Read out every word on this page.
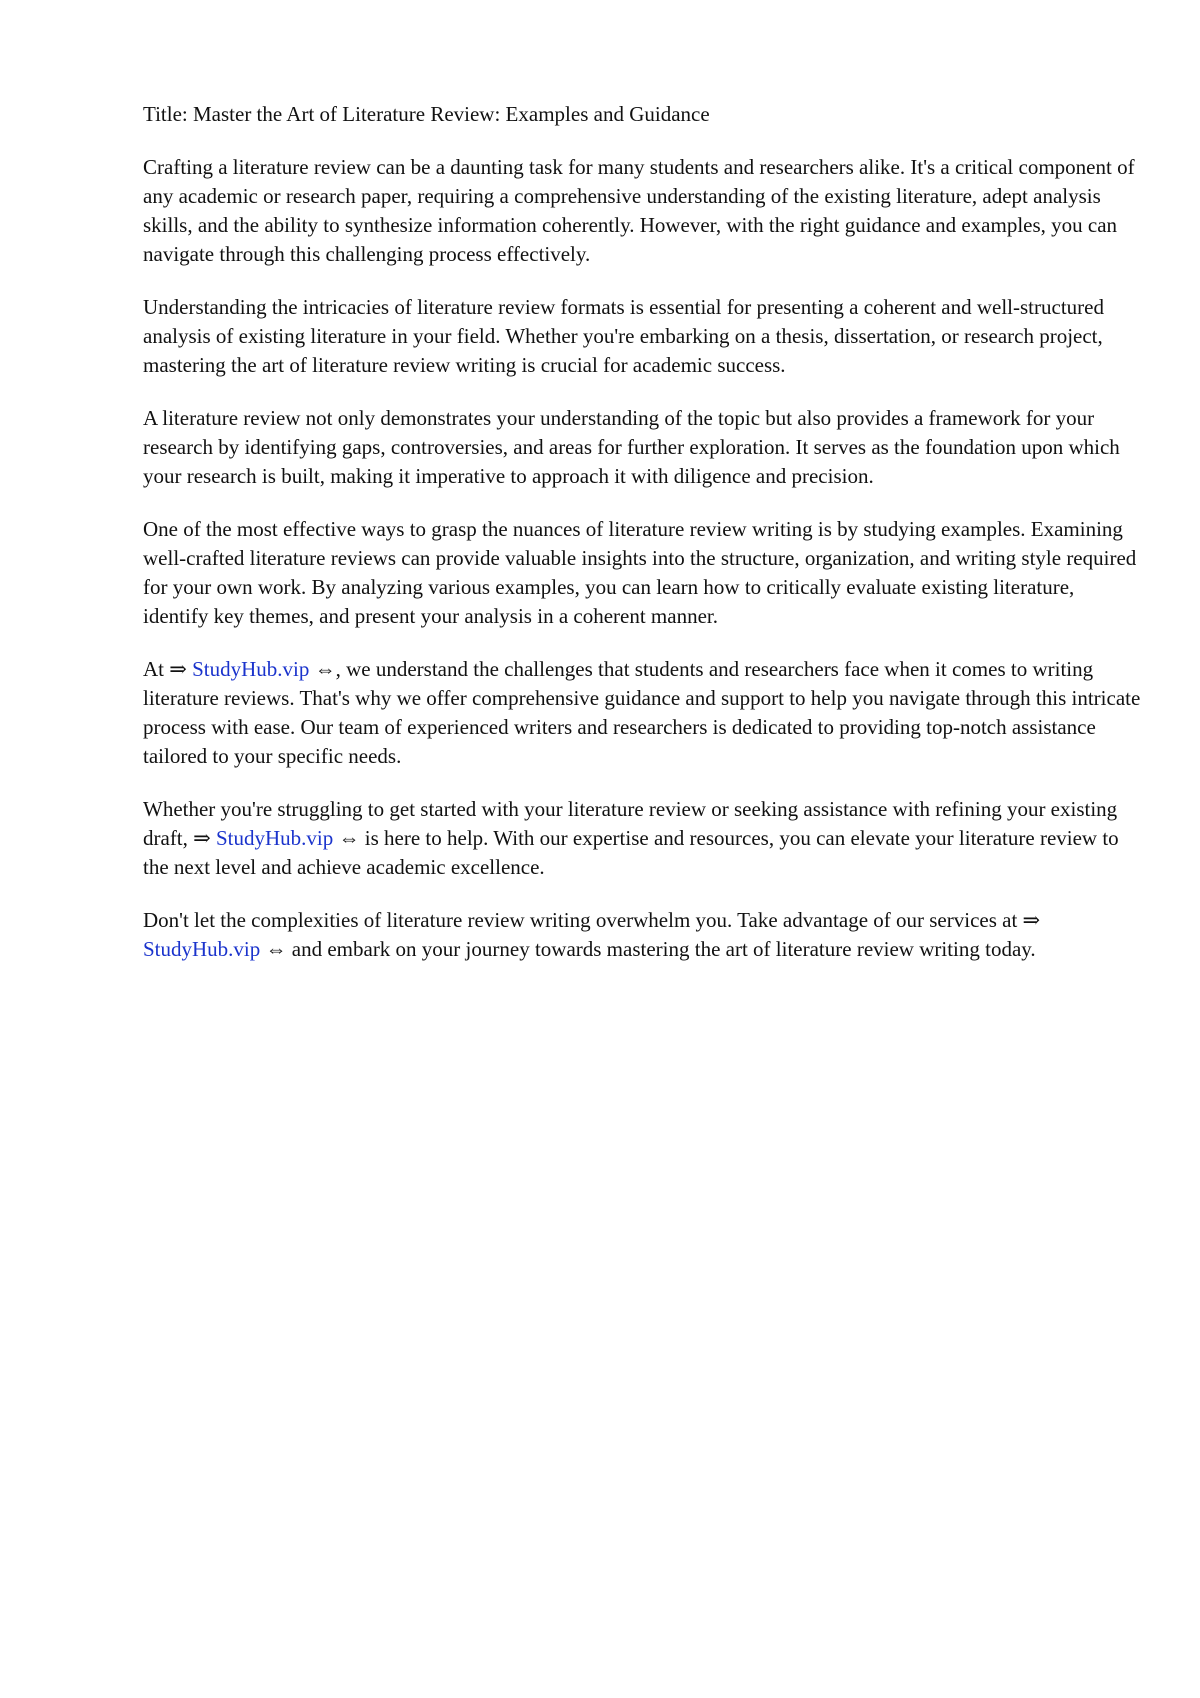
Title: Master the Art of Literature Review: Examples and Guidance

Crafting a literature review can be a daunting task for many students and researchers alike. It's a critical component of any academic or research paper, requiring a comprehensive understanding of the existing literature, adept analysis skills, and the ability to synthesize information coherently. However, with the right guidance and examples, you can navigate through this challenging process effectively.

Understanding the intricacies of literature review formats is essential for presenting a coherent and well-structured analysis of existing literature in your field. Whether you're embarking on a thesis, dissertation, or research project, mastering the art of literature review writing is crucial for academic success.

A literature review not only demonstrates your understanding of the topic but also provides a framework for your research by identifying gaps, controversies, and areas for further exploration. It serves as the foundation upon which your research is built, making it imperative to approach it with diligence and precision.

One of the most effective ways to grasp the nuances of literature review writing is by studying examples. Examining well-crafted literature reviews can provide valuable insights into the structure, organization, and writing style required for your own work. By analyzing various examples, you can learn how to critically evaluate existing literature, identify key themes, and present your analysis in a coherent manner.

At ⇒ StudyHub.vip ⇔, we understand the challenges that students and researchers face when it comes to writing literature reviews. That's why we offer comprehensive guidance and support to help you navigate through this intricate process with ease. Our team of experienced writers and researchers is dedicated to providing top-notch assistance tailored to your specific needs.

Whether you're struggling to get started with your literature review or seeking assistance with refining your existing draft, ⇒ StudyHub.vip ⇔ is here to help. With our expertise and resources, you can elevate your literature review to the next level and achieve academic excellence.

Don't let the complexities of literature review writing overwhelm you. Take advantage of our services at ⇒ StudyHub.vip ⇔ and embark on your journey towards mastering the art of literature review writing today.
